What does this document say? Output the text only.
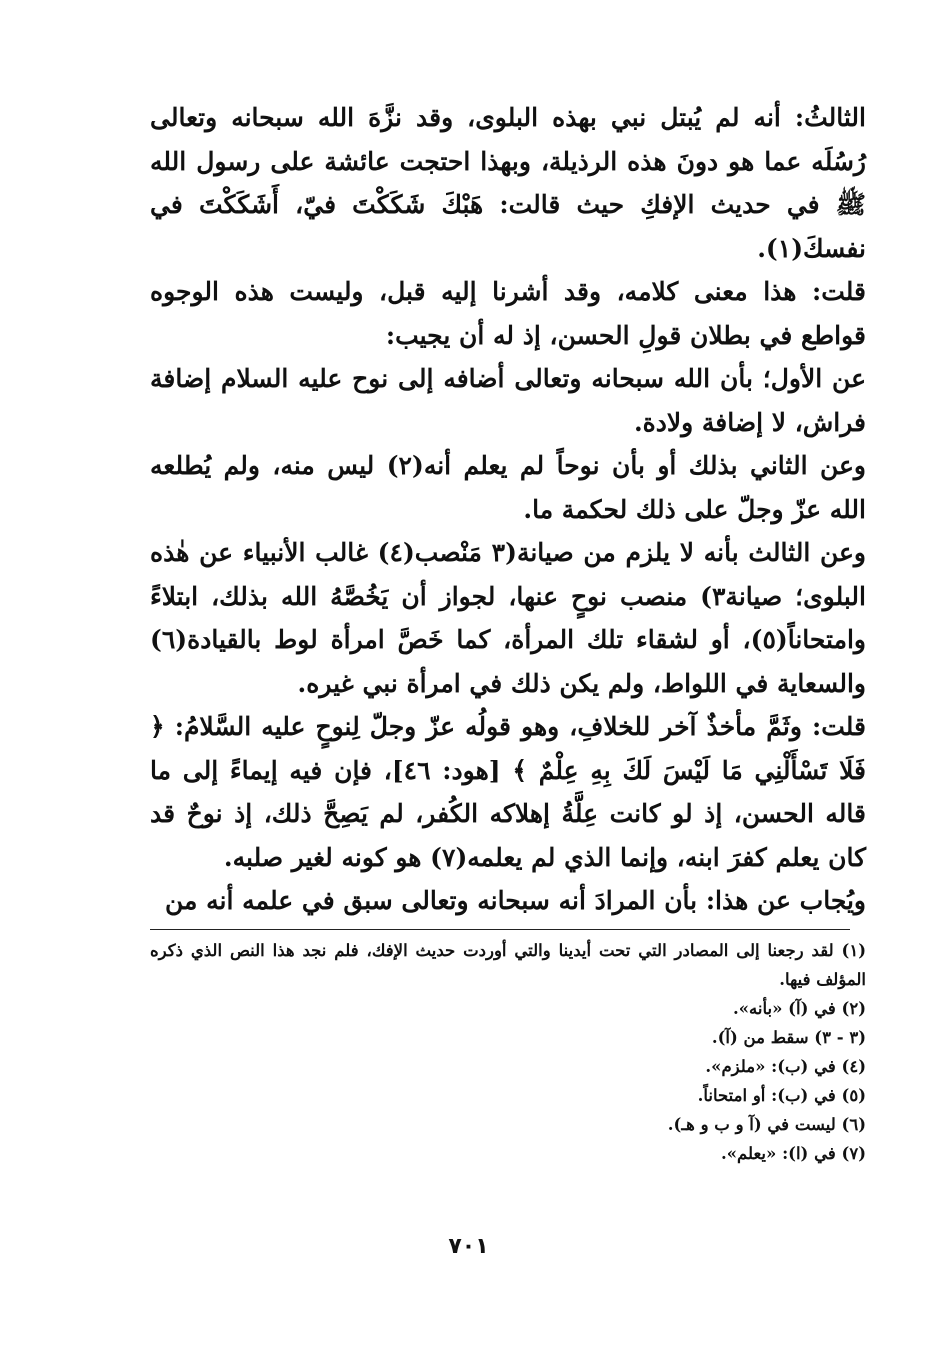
الثالثُ: أنه لم يُبتل نبي بهذه البلوى، وقد نزَّهَ الله سبحانه وتعالى رُسُلَه عما هو دونَ هذه الرذيلة، وبهذا احتجت عائشة على رسول الله ﷺ في حديث الإفكِ حيث قالت: هَبْكَ شَكَكْتَ فيّ، أَشَكَكْتَ في نفسكَ(١).

قلت: هذا معنى كلامه، وقد أشرنا إليه قبل، وليست هذه الوجوه قواطع في بطلان قولِ الحسن، إذ له أن يجيب:

عن الأول؛ بأن الله سبحانه وتعالى أضافه إلى نوح عليه السلام إضافة فراش، لا إضافة ولادة.

وعن الثاني بذلك أو بأن نوحاً لم يعلم أنه(٢) ليس منه، ولم يُطلعه الله عزّ وجلّ على ذلك لحكمة ما.

وعن الثالث بأنه لا يلزم من صيانة(٣ مَنْصب(٤) غالب الأنبياء عن هٰذه البلوى؛ صيانة٣) منصب نوحٍ عنها، لجواز أن يَخُصَّهُ الله بذلك، ابتلاءً وامتحاناً(٥)، أو لشقاء تلك المرأة، كما خَصَّ امرأة لوط بالقيادة(٦) والسعاية في اللواط، ولم يكن ذلك في امرأة نبي غيره.

قلت: وثَمَّ مأخذٌ آخر للخلافِ، وهو قولُه عزّ وجلّ لِنوحٍ عليه السَّلامُ: ﴿ فَلَا تَسْأَلْنِي مَا لَيْسَ لَكَ بِهِ عِلْمٌ ﴾ [هود: ٤٦]، فإن فيه إيماءً إلى ما قاله الحسن، إذ لو كانت عِلَّةُ إهلاكه الكُفر، لم يَصِحَّ ذلك، إذ نوحٌ قد كان يعلم كفرَ ابنه، وإنما الذي لم يعلمه(٧) هو كونه لغير صلبه.

ويُجاب عن هذا: بأن المرادَ أنه سبحانه وتعالى سبق في علمه أنه من

(١) لقد رجعنا إلى المصادر التي تحت أيدينا والتي أوردت حديث الإفك، فلم نجد هذا النص الذي ذكره المؤلف فيها.

(٢) في (آ) «بأنه».

(٣ - ٣) سقط من (آ).

(٤) في (ب): «ملزم».

(٥) في (ب): أو امتحاناً.

(٦) ليست في (آ و ب و هـ).

(٧) في (ا): «يعلم».

٧٠١
